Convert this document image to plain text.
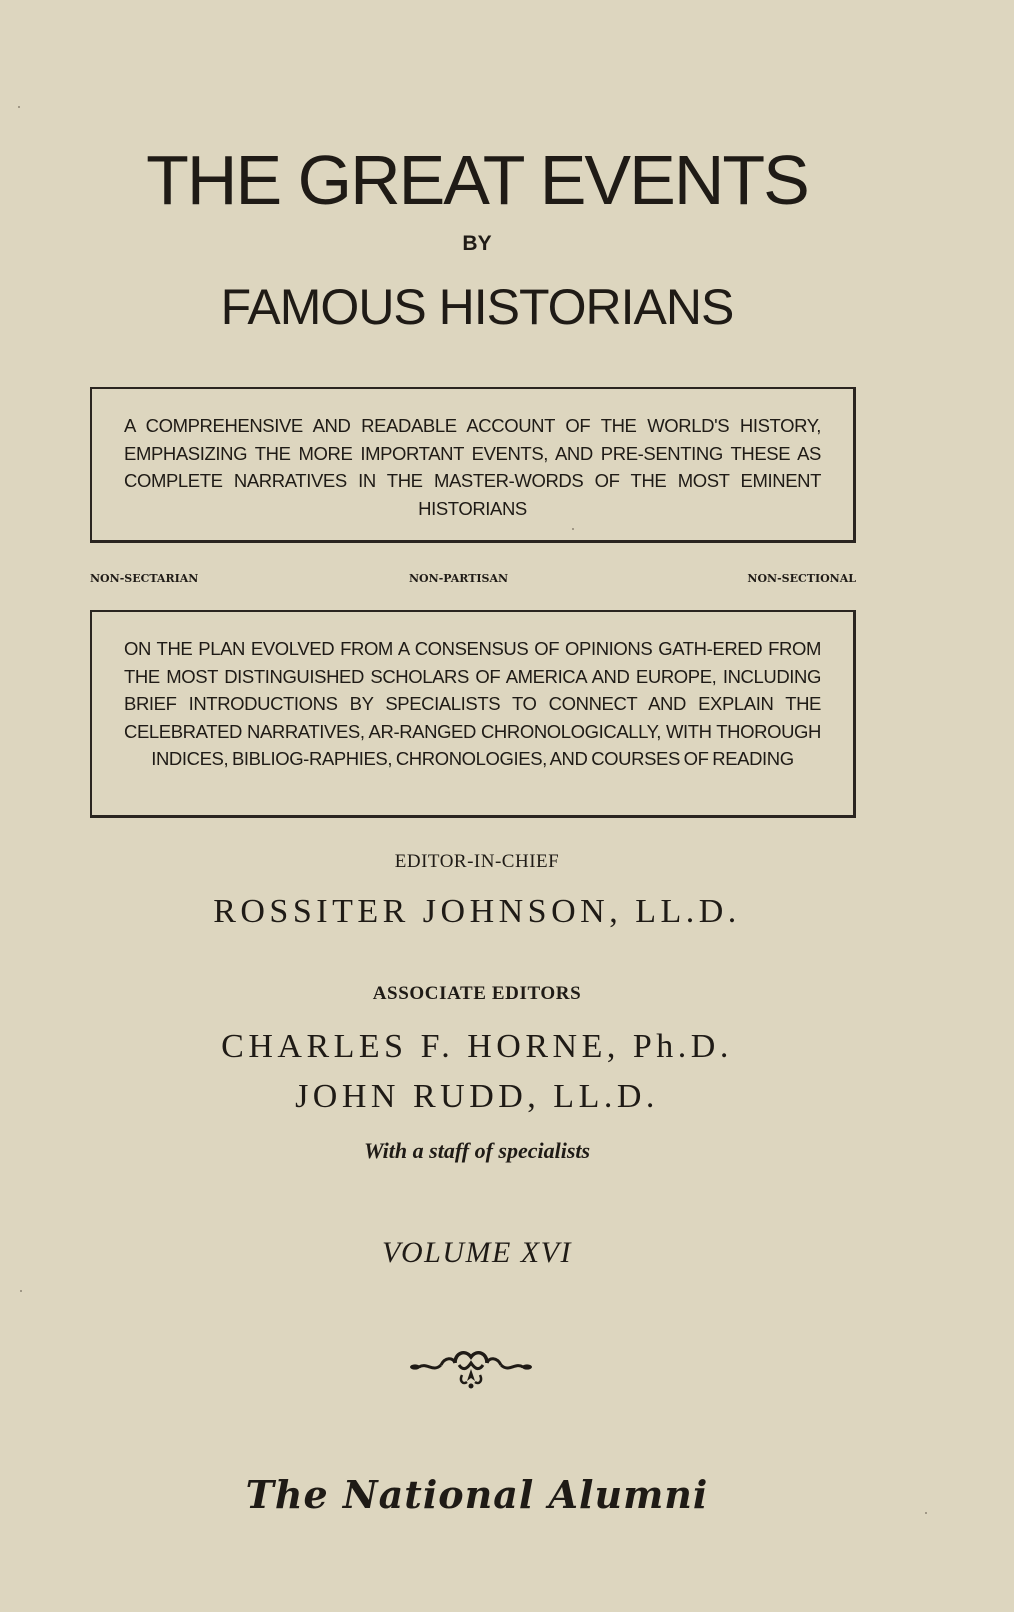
THE GREAT EVENTS
BY
FAMOUS HISTORIANS
A COMPREHENSIVE AND READABLE ACCOUNT OF THE WORLD'S HISTORY, EMPHASIZING THE MORE IMPORTANT EVENTS, AND PRE-SENTING THESE AS COMPLETE NARRATIVES IN THE MASTER-WORDS OF THE MOST EMINENT HISTORIANS
NON-SECTARIAN	NON-PARTISAN	NON-SECTIONAL
ON THE PLAN EVOLVED FROM A CONSENSUS OF OPINIONS GATH-ERED FROM THE MOST DISTINGUISHED SCHOLARS OF AMERICA AND EUROPE, INCLUDING BRIEF INTRODUCTIONS BY SPECIALISTS TO CONNECT AND EXPLAIN THE CELEBRATED NARRATIVES, AR-RANGED CHRONOLOGICALLY, WITH THOROUGH INDICES, BIBLIOG-RAPHIES, CHRONOLOGIES, AND COURSES OF READING
EDITOR-IN-CHIEF
ROSSITER JOHNSON, LL.D.
ASSOCIATE EDITORS
CHARLES F. HORNE, Ph.D.
JOHN RUDD, LL.D.
With a staff of specialists
VOLUME XVI
The National Alumni
